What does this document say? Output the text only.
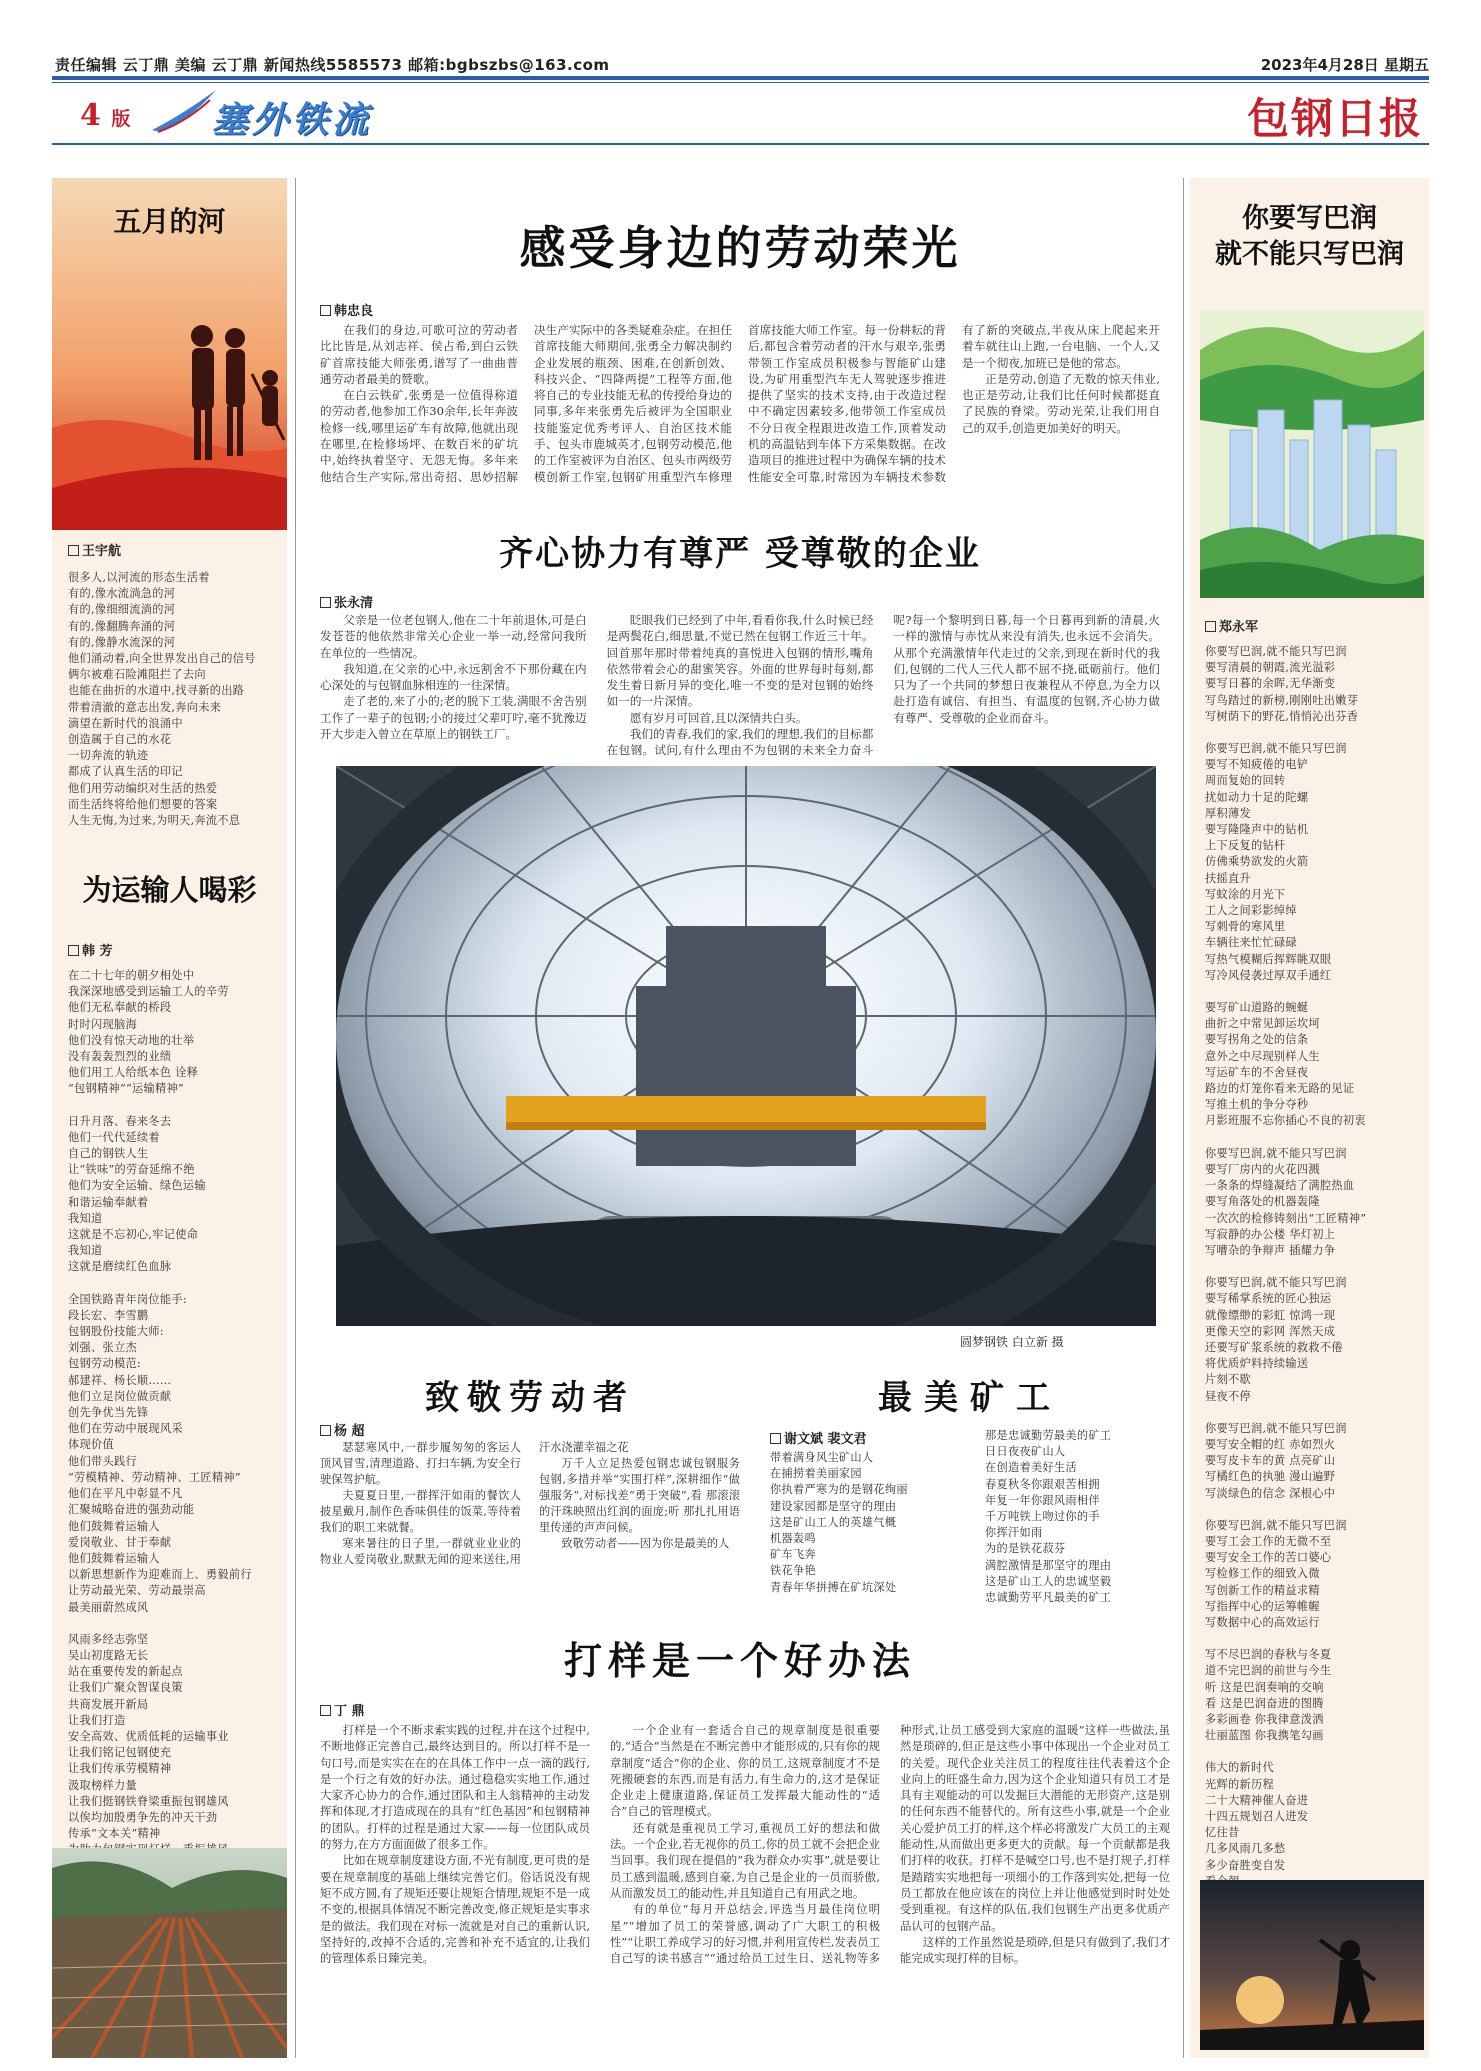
责任编辑 云丁鼎 美编 云丁鼎 新闻热线5585573 邮箱:bgbszbs@163.com	2023年4月28日 星期五
4 版 塞外铁流	包钢日报
五月的河
王宇航

很多人,以河流的形态生活着

有的,像水流淌急的河

有的,像细细流淌的河

有的,像翻腾奔涌的河

有的,像静水流深的河

他们涌动着,向全世界发出自己的信号

俩尔被难石险滩阻拦了去向

也能在曲折的水道中,找寻新的出路

带着清澈的意志出发,奔向未来

滴望在新时代的浪涌中

创造属于自己的水花

一切奔流的轨迹

都成了认真生活的印记

他们用劳动编织对生活的热爱

而生活终将给他们想要的答案

人生无悔,为过来,为明天,奔流不息

为运输人喝彩
韩 芳

在二十七年的朝夕相处中

我深深地感受到运输工人的辛劳

他们无私奉献的桥段

时时闪现脑海

他们没有惊天动地的壮举

没有轰轰烈烈的业绩

他们用工人给纸本色 诠释

“包钢精神”“运输精神”

日升月落、春来冬去

他们一代代延续着

自己的钢铁人生

让“铁味”的劳奋延绵不绝

他们为安全运输、绿色运输

和谐运输奉献着

我知道

这就是不忘初心,牢记使命

我知道

这就是磨续红色血脉

全国铁路青年岗位能手:

段长宏、李雪鹏

包钢股份技能大师:

刘强、张立杰

包钢劳动模范:

郝建祥、杨长顺……

他们立足岗位做贡献

创先争优当先锋

他们在劳动中展现风采

体现价值

他们带头践行

“劳模精神、劳动精神、工匠精神”

他们在平凡中彰显不凡

汇聚城略奋进的强劲动能

他们鼓舞着运输人

爱岗敬业、甘于奉献

他们鼓舞着运输人

以新思想新作为迎难而上、勇毅前行

让劳动最光荣、劳动最崇高

最美丽蔚然成风

风雨多经志弥坚

吴山初度路无长

站在重要传发的新起点

让我们广聚众智谋良策

共商发展开新局

让我们打造

安全高效、优质低耗的运输事业

让我们铭记包钢使充

让我们传承劳模精神

汲取榜样力量

让我们挺钢铁脊梁重振包钢雄风

以俟均加殷勇争先的冲天干劲

传承“文本关”精神

你要写巴润
就不能只写巴润
郑永军

你要写巴润,就不能只写巴润

要写清晨的朝霞,流光溢彩

要写日暮的余晖,无华渐变

写鸟踏过的新榜,刚刚吐出嫩芽

写树荫下的野花,悄悄沁出芬香

你要写巴润,就不能只写巴润

要写不知疲倦的电铲

周而复始的回转

扰如动力十足的陀螺

厚积薄发

要写隆隆声中的钻机

上下反复的钻杆

仿佛乘势欲发的火箭

扶摇直升

写蚊涂的月光下

工人之间彩影绰绰

写刺骨的寒风里

车辆往来忙忙碌碌

写热气模糊后挥辉眺双眼

写冷风侵袭过厚双手通红

要写矿山道路的蜿蜒

曲折之中常见卸运坎坷

要写拐角之处的信条

意外之中尽现别样人生

写运矿车的不舍昼夜

路边的灯笼你看来无路的见证

写推土机的争分夺秒

月影班服不忘你插心不良的初衷

你要写巴润,就不能只写巴润

要写厂房内的火花四溅

一条条的焊缝凝结了满腔热血

要写角落处的机器轰隆

一次次的检修铸刻出“工匠精神”

写寂静的办公楼 华灯初上

写嘈杂的争辩声 插耀力争

你要写巴润,就不能只写巴润

要写稀掌系统的匠心独运

就像缥缈的彩虹 惊鸿一现

更像天空的彩网 浑然天成

还要写矿浆系统的救救不倦

将优质炉料持续输送

片刻不歇

昼夜不停

你要写巴润,就不能只写巴润

要写安全帽的红 赤如烈火

要写皮卡车的黄 点亮矿山

写橘红色的执驰 漫山遍野

写淡绿色的信念 深根心中

你要写巴润,就不能只写巴润

要写工会工作的无微不至

要写安全工作的苦口婆心

写检修工作的细致入微

写创新工作的精益求精

写指挥中心的运筹帷幄

写数据中心的高效运行

写不尽巴润的春秋与冬夏

道不完巴润的前世与今生

听 这是巴润奏响的交响

看 这是巴润奋进的图腾

多彩画卷 你我律意泼洒

壮丽蓝图 你我携笔勾画

伟大的新时代

光辉的新历程

二十大精神催人奋进

十四五规划召人进发

忆往昔

几多风雨几多愁

多少奋胜变自发

感受身边的劳动荣光
韩忠良

在我们的身边,可歌可泣的劳动者比比皆是,从刘志祥、侯占希,到白云铁矿首席技能大师张勇,谱写了一曲曲普通劳动者最美的赞歌。

在白云铁矿,张勇是一位值得称道的劳动者,他参加工作30余年,长年奔波检修一线,哪里运矿车有故障,他就出现在哪里,在检修场坪、在数百米的矿坑中,始终执着坚守、无怨无悔。多年来他结合生产实际,常出奇招、思妙招解决生产实际中的各类疑难杂症。在担任首席技能大师期间,张勇全力解决制约企业发展的瓶颈、困难,在创新创效、科技兴企、“四降两提”工程等方面,他将自己的专业技能无私的传授给身边的同事,多年来张勇先后被评为全国职业技能鉴定优秀考评人、自治区技术能手、包头市鹿城英才,包钢劳动模范,他的工作室被评为自治区、包头市两级劳模创新工作室,包钢矿用重型汽车修理首席技能大师工作室。每一份耕耘的背后,都包含着劳动者的汗水与艰辛,张勇带领工作室成员积极参与智能矿山建设,为矿用重型汽车无人驾驶逐步推进提供了坚实的技术支持,由于改造过程中不确定因素较多,他带领工作室成员不分日夜全程跟进改造工作,顶着发动机的高温钻到车体下方采集数据。在改造项目的推进过程中为确保车辆的技术性能安全可靠,时常因为车辆技术参数有了新的突破点,半夜从床上爬起来开着车就往山上跑,一台电脑、一个人,又是一个彻夜,加班已是他的常态。

正是劳动,创造了无数的惊天伟业,也正是劳动,让我们比任何时候都挺直了民族的脊梁。劳动光荣,让我们用自己的双手,创造更加美好的明天。

齐心协力有尊严 受尊敬的企业
张永清

父亲是一位老包钢人,他在二十年前退休,可是白发苍苍的他依然非常关心企业一举一动,经常问我所在单位的一些情况。

我知道,在父亲的心中,永远割舍不下那份藏在内心深处的与包钢血脉相连的一往深情。

走了老的,来了小的;老的脱下工装,满眼不舍告别工作了一辈子的包钢;小的接过父辈叮咛,毫不犹豫迈开大步走入曾立在草原上的钢铁工厂。

眨眼我们已经到了中年,看看你我,什么时候已经是两鬓花白,细思量,不觉已然在包钢工作近三十年。回首那年那时带着纯真的喜悦进入包钢的情形,嘴角依然带着会心的甜蜜笑容。外面的世界每时每刻,都发生着日新月异的变化,唯一不变的是对包钢的始终如一的一片深情。

愿有岁月可回首,且以深情共白头。

我们的青春,我们的家,我们的理想,我们的目标都在包钢。试问,有什么理由不为包钢的未来全力奋斗呢?每一个黎明到日暮,每一个日暮再到新的清晨,火一样的激情与赤忱从来没有消失,也永远不会消失。从那个充满激情年代走过的父亲,到现在新时代的我们,包钢的二代人三代人都不屈不挠,砥砺前行。他们只为了一个共同的梦想日夜兼程从不停息,为全力以赴打造有诚信、有担当、有温度的包钢,齐心协力做有尊严、受尊敬的企业而奋斗。

圆梦钢铁 白立新 摄
致敬劳动者
杨 超

瑟瑟寒风中,一群步履匆匆的客运人顶风冒雪,清理道路、打扫车辆,为安全行驶保驾护航。

夫夏夏日里,一群挥汗如雨的餐饮人披星戴月,制作色香味俱佳的饭菜,等待着我们的职工来就餐。

寒来暑往的日子里,一群就业业业的物业人爱岗敬业,默默无闻的迎来送往,用汗水浇灌幸福之花

万千人立足热爱包钢忠诚包钢服务包钢,多措并举“实围打样”,深耕细作“做强服务”,对标找差“勇于突破”,看 那滚滚的汗珠映照出红润的面庞;听 那扎扎用语里传递的声声问候。

致敬劳动者——因为你是最美的人

最美矿工
谢文斌 裴文君

带着满身风尘矿山人

在捕捞着美丽家园

你执着严寒为的是钢花绚丽

建设家园都是坚守的理由

这是矿山工人的英雄气概

机器轰鸣

矿车飞奔

铁花争艳

青春年华拼搏在矿坑深处

那是忠诚勤劳最美的矿工

日日夜夜矿山人

在创造着美好生活

春夏秋冬你跟艰苦相拥

年复一年你跟风雨相伴

千万吨铁上吻过你的手

你挥汗如雨

为的是铁花菽芬

满腔激情是那坚守的理由

这是矿山工人的忠诚坚毅

忠诚勤劳平凡最美的矿工

打样是一个好办法
丁 鼎

打样是一个不断求索实践的过程,并在这个过程中,不断地修正完善自己,最终达到目的。所以打样不是一句口号,而是实实在在的在具体工作中一点一滴的践行,是一个行之有效的好办法。通过稳稳实实地工作,通过大家齐心协力的合作,通过团队和主人翁精神的主动发挥和体现,才打造成现在的具有“红色基因”和包钢精神的团队。打样的过程是通过大家——每一位团队成员的努力,在方方面面做了很多工作。

比如在规章制度建设方面,不光有制度,更可贵的是要在规章制度的基础上继续完善它们。俗话说没有规矩不成方圆,有了规矩还要让规矩合情理,规矩不是一成不变的,根据具体情况不断完善改变,修正规矩是实事求是的做法。我们现在对标一流就是对自己的重新认识,坚持好的,改掉不合适的,完善和补充不适宜的,让我们的管理体系日臻完美。

一个企业有一套适合自己的规章制度是很重要的,“适合”当然是在不断完善中才能形成的,只有你的规章制度“适合”你的企业、你的员工,这规章制度才不是死搬硬套的东西,而是有活力,有生命力的,这才是保证企业走上健康道路,保证员工发挥最大能动性的“适合”自己的管理模式。

还有就是重视员工学习,重视员工好的想法和做法。一个企业,若无视你的员工,你的员工就不会把企业当回事。我们现在提倡的“我为群众办实事”,就是要让员工感到温暖,感到自豪,为自己是企业的一员而骄傲,从而激发员工的能动性,并且知道自己有用武之地。

有的单位“每月开总结会,评选当月最佳岗位明星”“增加了员工的荣誉感,调动了广大职工的积极性”“让职工养成学习的好习惯,并利用宣传栏,发表员工自己写的读书感言”“通过给员工过生日、送礼物等多种形式,让员工感受到大家庭的温暖”这样一些做法,虽然是琐碎的,但正是这些小事中体现出一个企业对员工的关爱。现代企业关注员工的程度往往代表着这个企业向上的旺盛生命力,因为这个企业知道只有员工才是具有主观能动的可以发掘巨大潜能的无形资产,这是别的任何东西不能替代的。所有这些小事,就是一个企业关心爱护员工打的样,这个样必将激发广大员工的主观能动性,从而做出更多更大的贡献。每一个贡献都是我们打样的收获。打样不是喊空口号,也不是打规子,打样是踏踏实实地把每一项细小的工作落到实处,把每一位员工都放在他应该在的岗位上并让他感觉到时时处处受到重视。有这样的队伍,我们包钢生产出更多优质产品认可的包钢产品。

这样的工作虽然说是琐碎,但是只有做到了,我们才能完成实现打样的目标。
